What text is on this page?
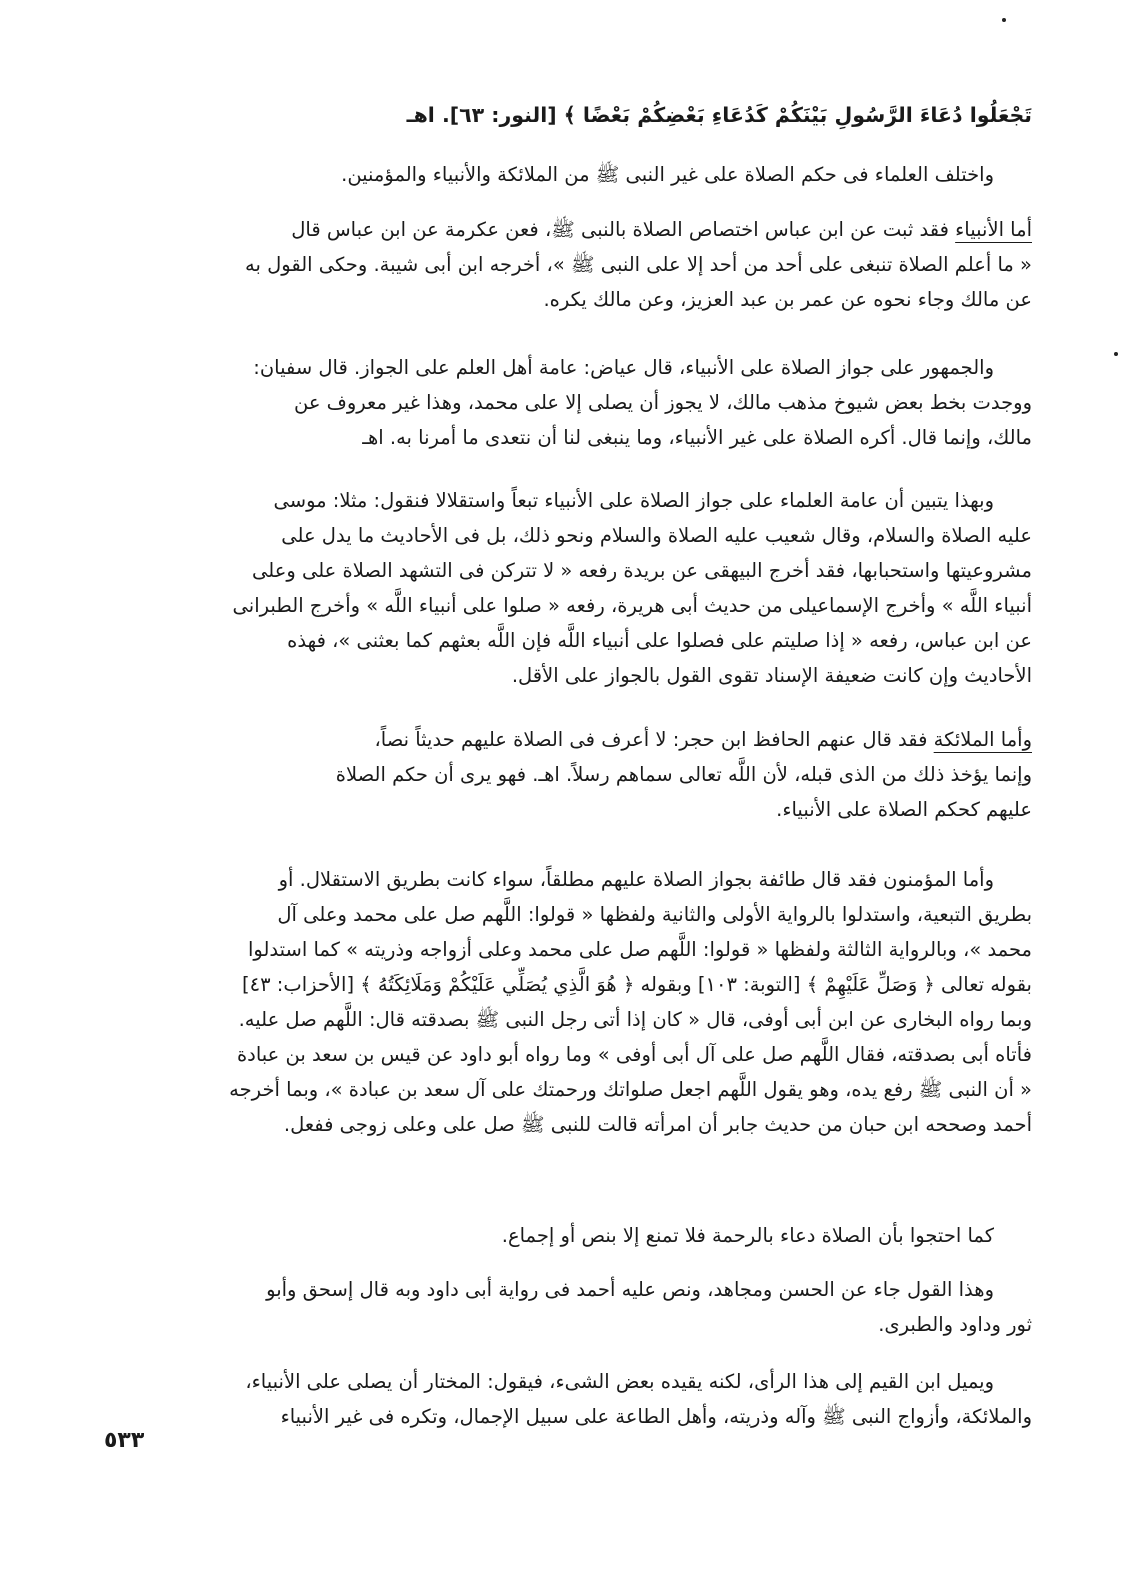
تَجْعَلُوا دُعَاءَ الرَّسُولِ بَيْنَكُمْ كَدُعَاءِ بَعْضِكُمْ بَعْضًا ﴾ [النور: ٦٣]. اهـ
واختلف العلماء فى حكم الصلاة على غير النبى ﷺ من الملائكة والأنبياء والمؤمنين.
أما الأنبياء فقد ثبت عن ابن عباس اختصاص الصلاة بالنبى ﷺ، فعن عكرمة عن ابن عباس قال
« ما أعلم الصلاة تنبغى على أحد من أحد إلا على النبى ﷺ »، أخرجه ابن أبى شيبة. وحكى القول به
عن مالك وجاء نحوه عن عمر بن عبد العزيز، وعن مالك يكره.
والجمهور على جواز الصلاة على الأنبياء، قال عياض: عامة أهل العلم على الجواز. قال سفيان:
ووجدت بخط بعض شيوخ مذهب مالك، لا يجوز أن يصلى إلا على محمد، وهذا غير معروف عن
مالك، وإنما قال. أكره الصلاة على غير الأنبياء، وما ينبغى لنا أن نتعدى ما أمرنا به. اهـ
وبهذا يتبين أن عامة العلماء على جواز الصلاة على الأنبياء تبعاً واستقلالا فنقول: مثلا: موسى
عليه الصلاة والسلام، وقال شعيب عليه الصلاة والسلام ونحو ذلك، بل فى الأحاديث ما يدل على
مشروعيتها واستحبابها، فقد أخرج البيهقى عن بريدة رفعه « لا تتركن فى التشهد الصلاة على وعلى
أنبياء اللَّه » وأخرج الإسماعيلى من حديث أبى هريرة، رفعه « صلوا على أنبياء اللَّه » وأخرج الطبرانى
عن ابن عباس، رفعه « إذا صليتم على فصلوا على أنبياء اللَّه فإن اللَّه بعثهم كما بعثنى »، فهذه
الأحاديث وإن كانت ضعيفة الإسناد تقوى القول بالجواز على الأقل.
وأما الملائكة فقد قال عنهم الحافظ ابن حجر: لا أعرف فى الصلاة عليهم حديثاً نصاً،
وإنما يؤخذ ذلك من الذى قبله، لأن اللَّه تعالى سماهم رسلاً. اهـ. فهو يرى أن حكم الصلاة
عليهم كحكم الصلاة على الأنبياء.
وأما المؤمنون فقد قال طائفة بجواز الصلاة عليهم مطلقاً، سواء كانت بطريق الاستقلال. أو
بطريق التبعية، واستدلوا بالرواية الأولى والثانية ولفظها « قولوا: اللَّهم صل على محمد وعلى آل
محمد »، وبالرواية الثالثة ولفظها « قولوا: اللَّهم صل على محمد وعلى أزواجه وذريته » كما استدلوا
بقوله تعالى ﴿ وَصَلِّ عَلَيْهِمْ ﴾ [التوبة: ١٠٣] وبقوله ﴿ هُوَ الَّذِي يُصَلِّي عَلَيْكُمْ وَمَلَائِكَتُهُ ﴾ [الأحزاب: ٤٣]
وبما رواه البخارى عن ابن أبى أوفى، قال « كان إذا أتى رجل النبى ﷺ بصدقته قال: اللَّهم صل عليه.
فأتاه أبى بصدقته، فقال اللَّهم صل على آل أبى أوفى » وما رواه أبو داود عن قيس بن سعد بن عبادة
« أن النبى ﷺ رفع يده، وهو يقول اللَّهم اجعل صلواتك ورحمتك على آل سعد بن عبادة »، وبما أخرجه
أحمد وصححه ابن حبان من حديث جابر أن امرأته قالت للنبى ﷺ صل على وعلى زوجى ففعل.
كما احتجوا بأن الصلاة دعاء بالرحمة فلا تمنع إلا بنص أو إجماع.
وهذا القول جاء عن الحسن ومجاهد، ونص عليه أحمد فى رواية أبى داود وبه قال إسحق وأبو
ثور وداود والطبرى.
ويميل ابن القيم إلى هذا الرأى، لكنه يقيده بعض الشىء، فيقول: المختار أن يصلى على الأنبياء،
والملائكة، وأزواج النبى ﷺ وآله وذريته، وأهل الطاعة على سبيل الإجمال، وتكره فى غير الأنبياء
٥٣٣
